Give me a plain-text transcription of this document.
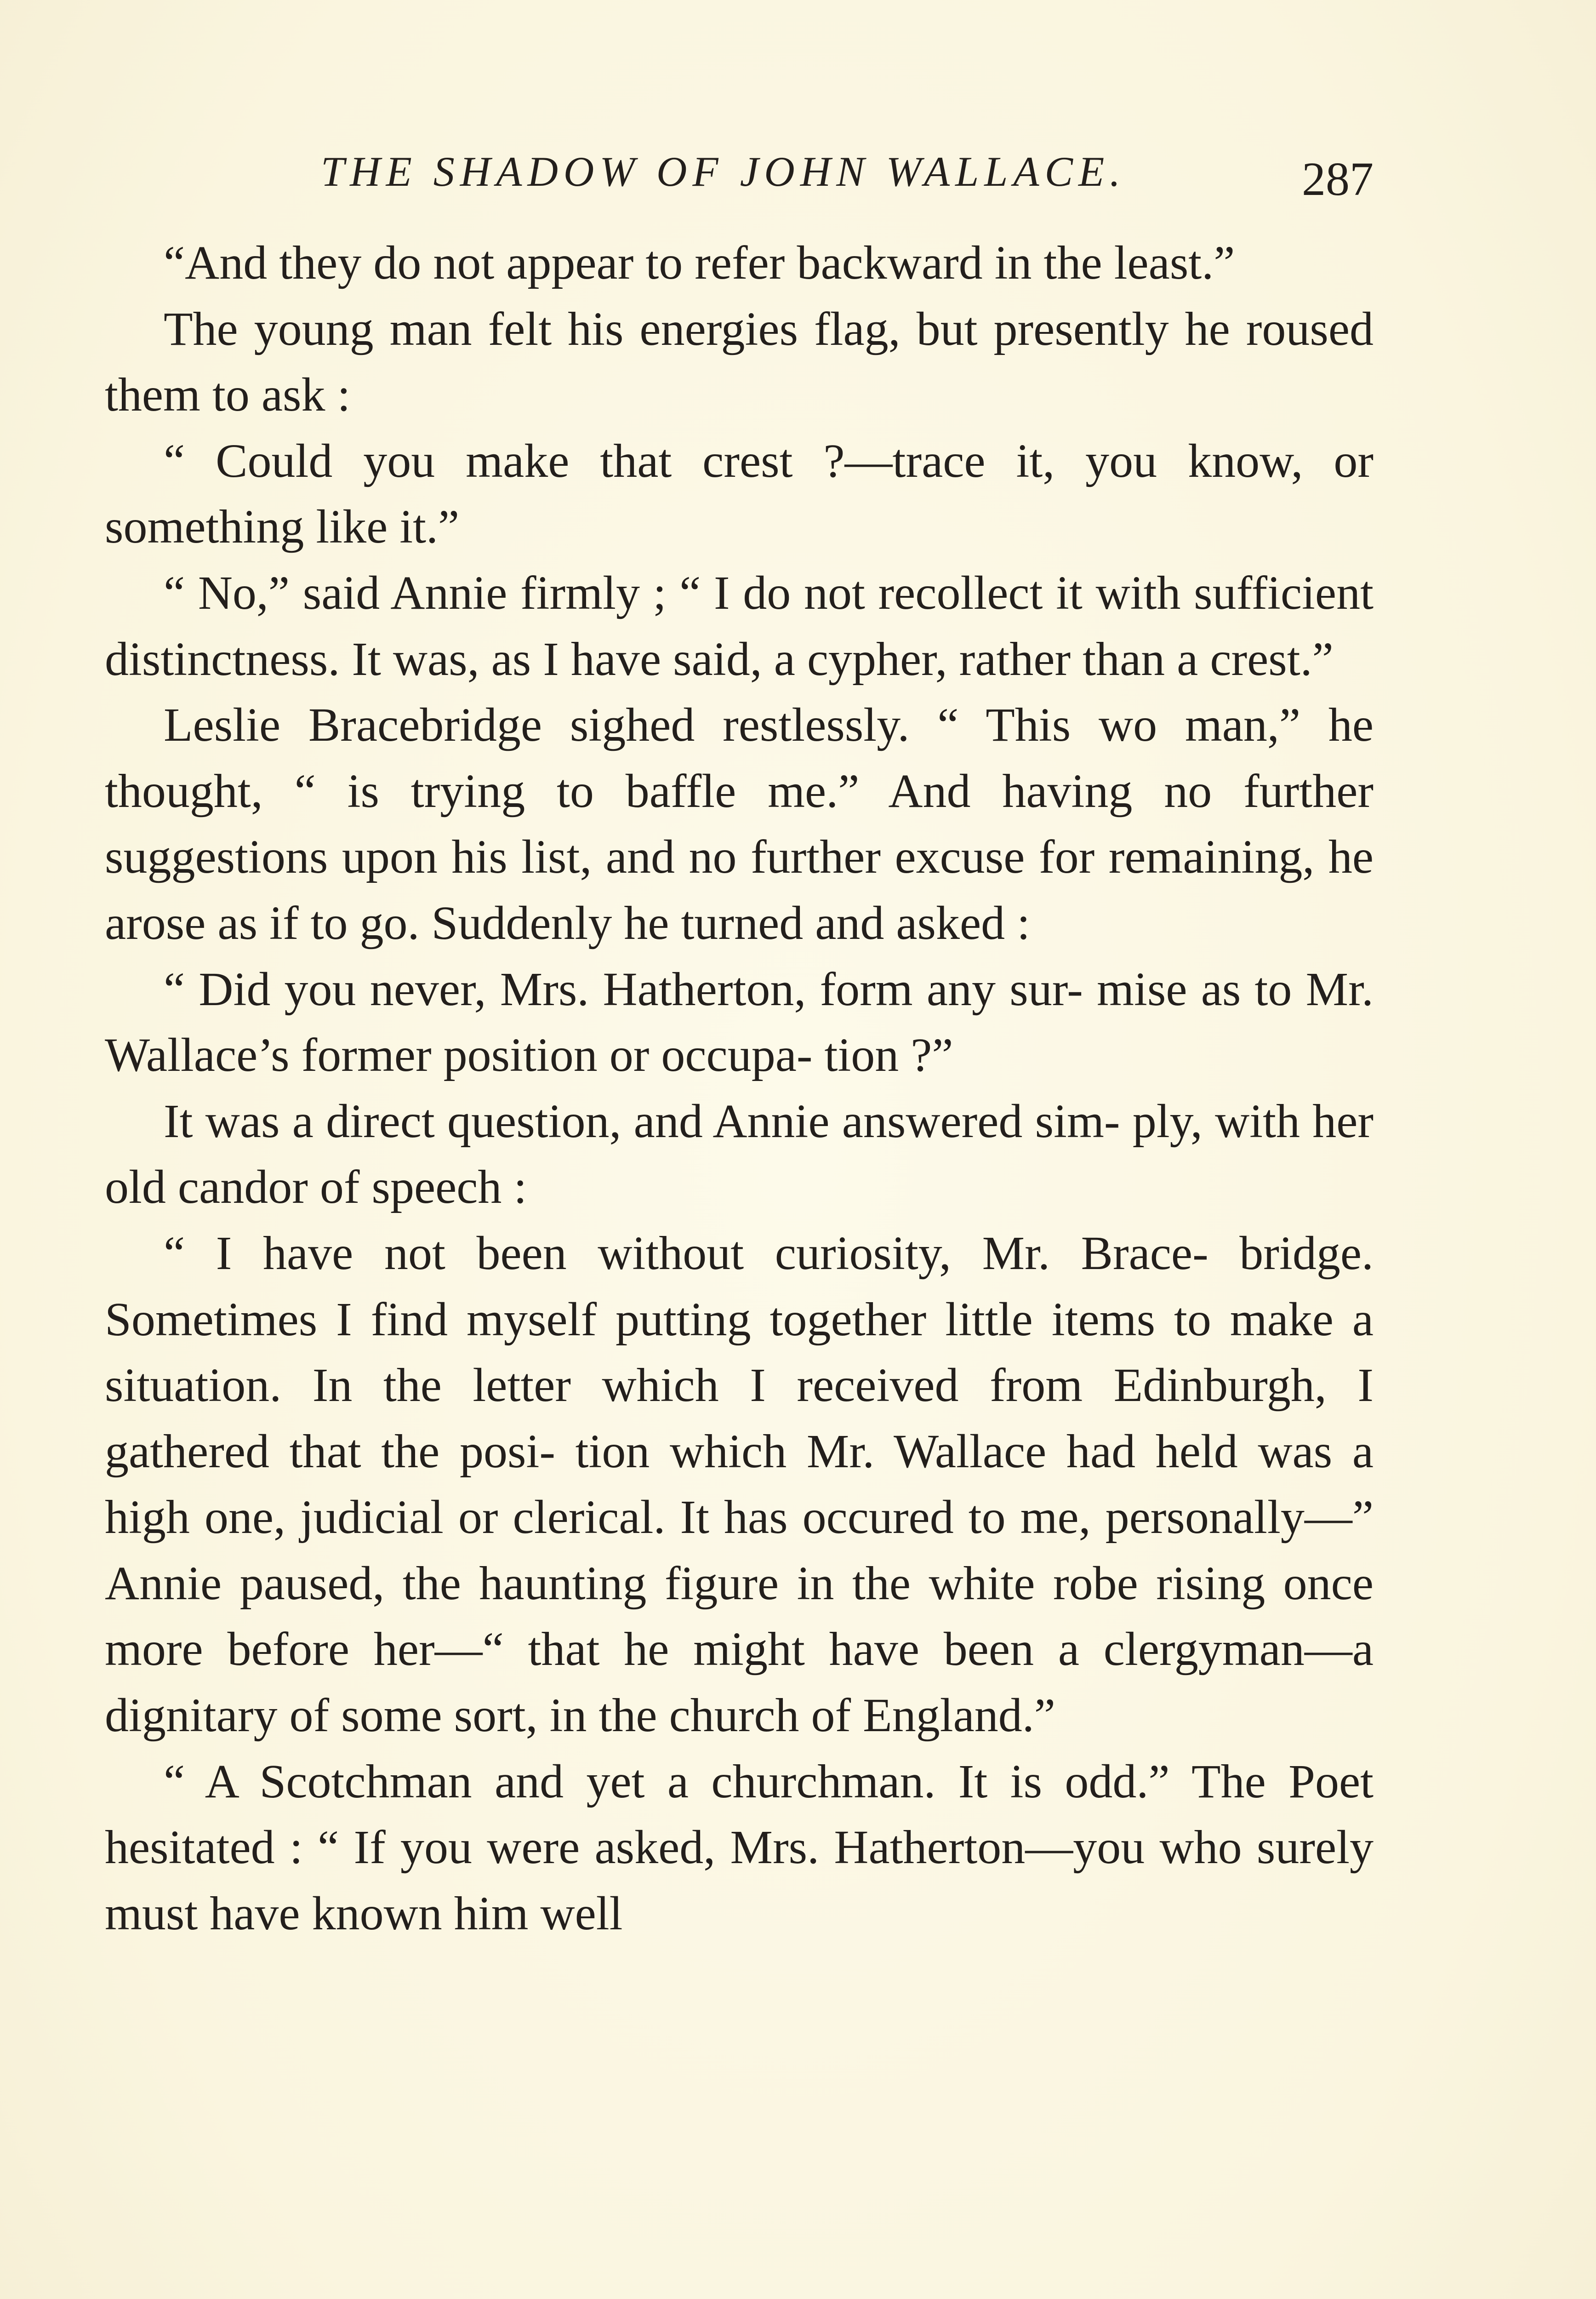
THE SHADOW OF JOHN WALLACE.	287

“And they do not appear to refer backward in the least.”

The young man felt his energies flag, but presently he roused them to ask :

“ Could you make that crest ?—trace it, you know, or something like it.”

“ No,” said Annie firmly ; “ I do not recollect it with sufficient distinctness. It was, as I have said, a cypher, rather than a crest.”

Leslie Bracebridge sighed restlessly. “ This wo man,” he thought, “ is trying to baffle me.” And having no further suggestions upon his list, and no further excuse for remaining, he arose as if to go. Suddenly he turned and asked :

“ Did you never, Mrs. Hatherton, form any sur- mise as to Mr. Wallace’s former position or occupa- tion ?”

It was a direct question, and Annie answered sim- ply, with her old candor of speech :

“ I have not been without curiosity, Mr. Brace- bridge. Sometimes I find myself putting together little items to make a situation. In the letter which I received from Edinburgh, I gathered that the posi- tion which Mr. Wallace had held was a high one, judicial or clerical. It has occured to me, personally—” Annie paused, the haunting figure in the white robe rising once more before her—“ that he might have been a clergyman—a dignitary of some sort, in the church of England.”

“ A Scotchman and yet a churchman. It is odd.” The Poet hesitated : “ If you were asked, Mrs. Hatherton—you who surely must have known him well
